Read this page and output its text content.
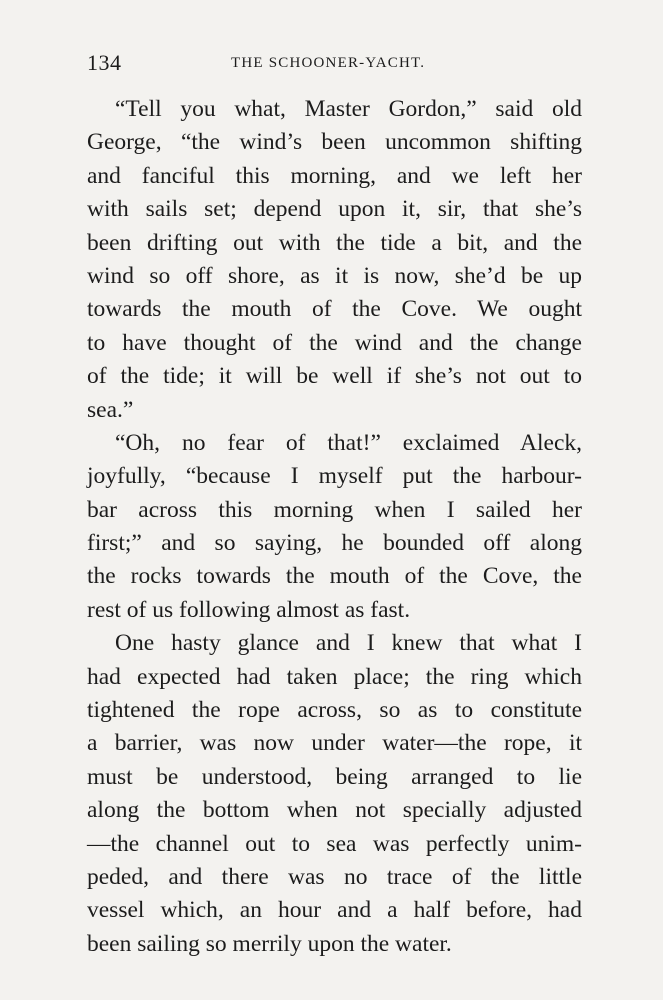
134	THE SCHOONER-YACHT.
“Tell you what, Master Gordon,” said old
George, “the wind’s been uncommon shifting
and fanciful this morning, and we left her
with sails set; depend upon it, sir, that she’s
been drifting out with the tide a bit, and the
wind so off shore, as it is now, she’d be up
towards the mouth of the Cove. We ought
to have thought of the wind and the change
of the tide; it will be well if she’s not out to
sea.”
“Oh, no fear of that!” exclaimed Aleck,
joyfully, “because I myself put the harbour-
bar across this morning when I sailed her
first;” and so saying, he bounded off along
the rocks towards the mouth of the Cove, the
rest of us following almost as fast.
One hasty glance and I knew that what I
had expected had taken place; the ring which
tightened the rope across, so as to constitute
a barrier, was now under water—the rope, it
must be understood, being arranged to lie
along the bottom when not specially adjusted
—the channel out to sea was perfectly unim-
peded, and there was no trace of the little
vessel which, an hour and a half before, had
been sailing so merrily upon the water.
